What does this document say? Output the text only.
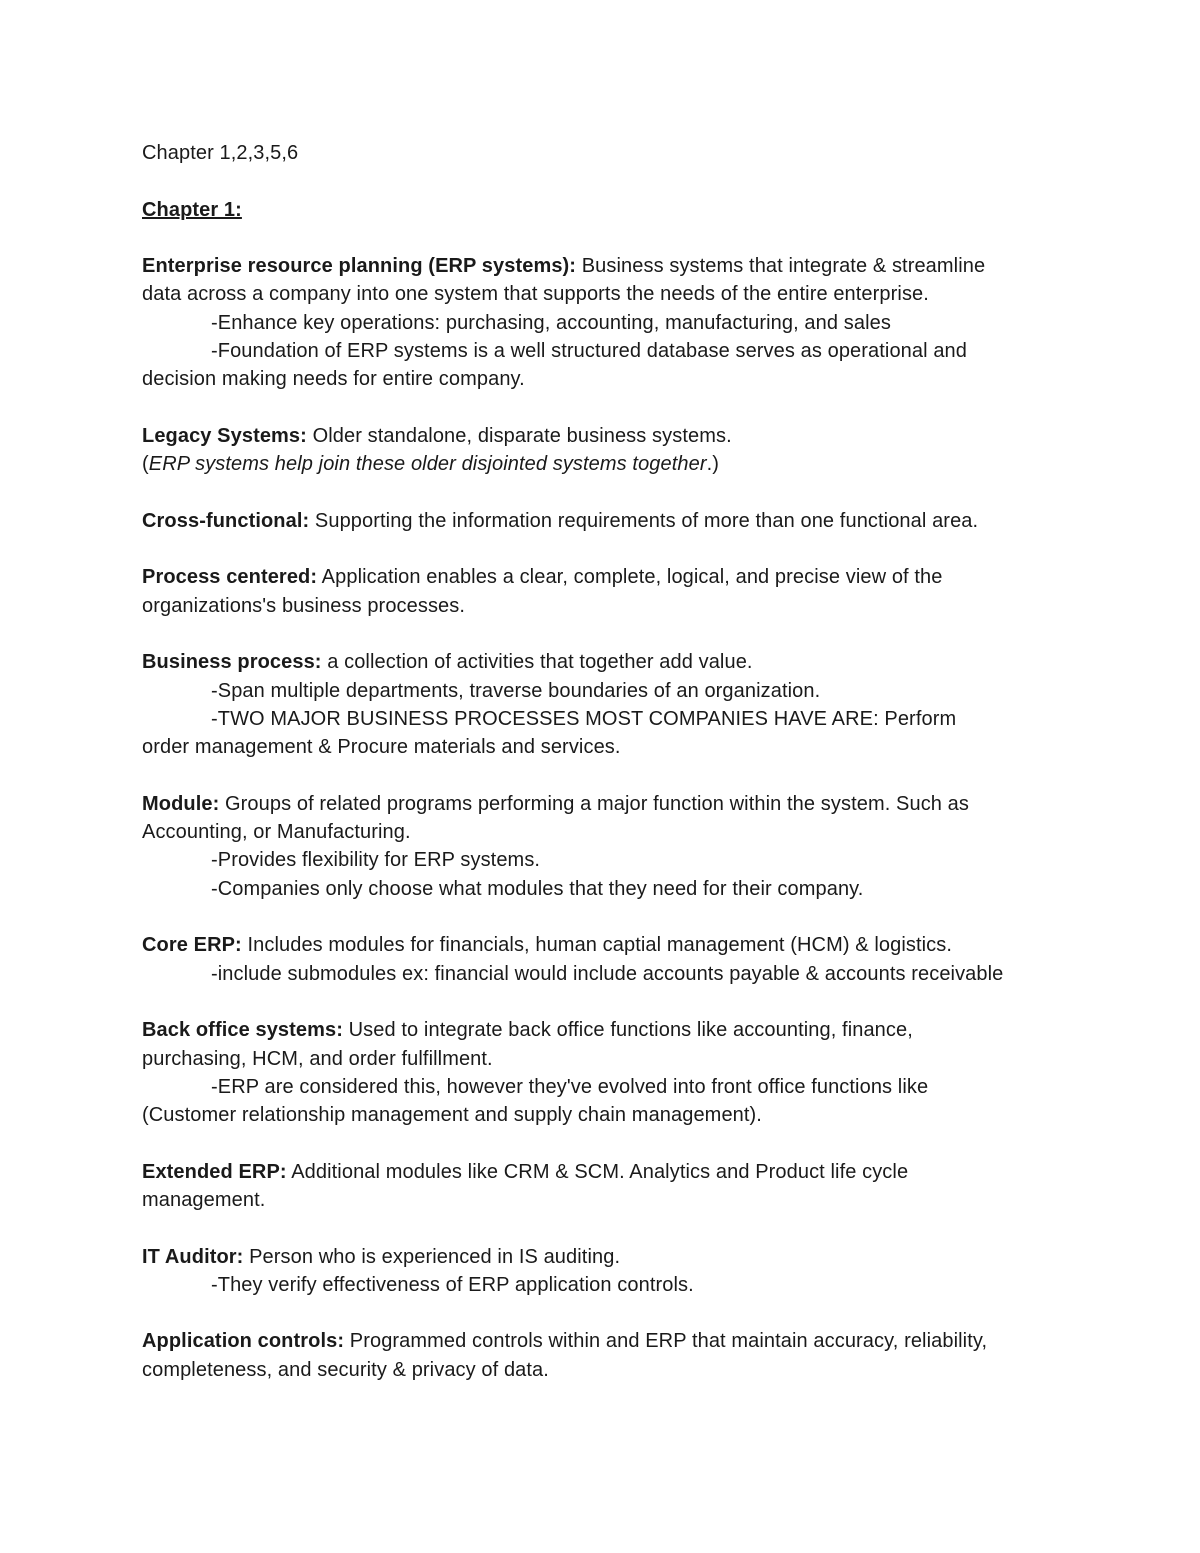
Chapter 1,2,3,5,6
Chapter 1:
Enterprise resource planning (ERP systems): Business systems that integrate & streamline
data across a company into one system that supports the needs of the entire enterprise.
-Enhance key operations: purchasing, accounting, manufacturing, and sales
-Foundation of ERP systems is a well structured database serves as operational and
decision making needs for entire company.
Legacy Systems: Older standalone, disparate business systems.
(ERP systems help join these older disjointed systems together.)
Cross-functional: Supporting the information requirements of more than one functional area.
Process centered: Application enables a clear, complete, logical, and precise view of the
organizations's business processes.
Business process: a collection of activities that together add value.
-Span multiple departments, traverse boundaries of an organization.
-TWO MAJOR BUSINESS PROCESSES MOST COMPANIES HAVE ARE: Perform
order management & Procure materials and services.
Module: Groups of related programs performing a major function within the system. Such as
Accounting, or Manufacturing.
-Provides flexibility for ERP systems.
-Companies only choose what modules that they need for their company.
Core ERP: Includes modules for financials, human captial management (HCM) & logistics.
-include submodules ex: financial would include accounts payable & accounts receivable
Back office systems: Used to integrate back office functions like accounting, finance,
purchasing, HCM, and order fulfillment.
-ERP are considered this, however they've evolved into front office functions like
(Customer relationship management and supply chain management).
Extended ERP: Additional modules like CRM & SCM. Analytics and Product life cycle
management.
IT Auditor: Person who is experienced in IS auditing.
-They verify effectiveness of ERP application controls.
Application controls: Programmed controls within and ERP that maintain accuracy, reliability,
completeness, and security & privacy of data.
